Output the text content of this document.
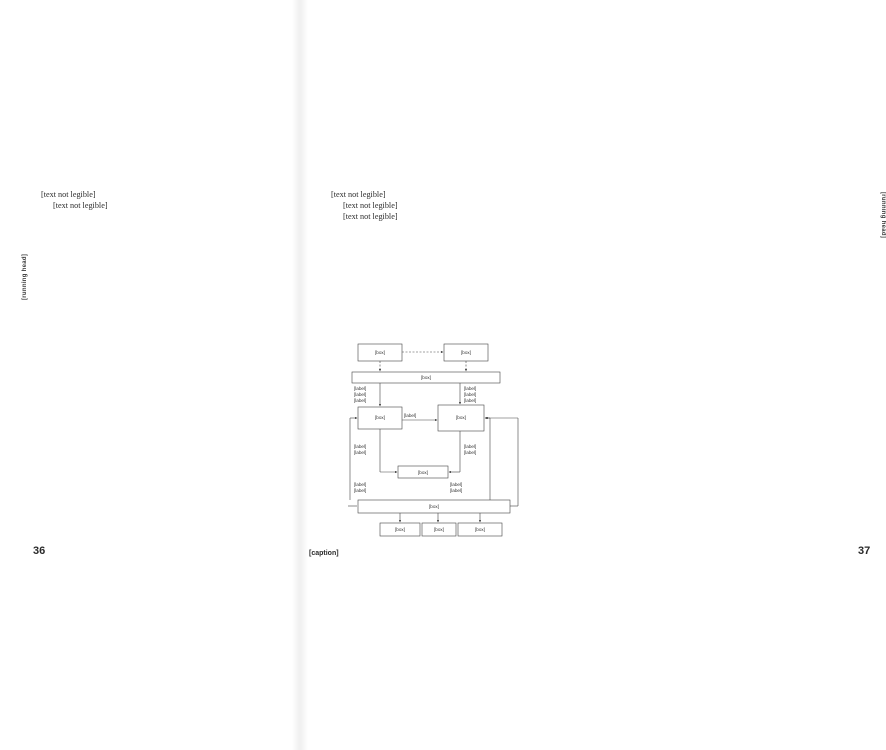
[running head]

[text not legible]

[text not legible]

36
[running head]
37

[text not legible]

[text not legible]

[text not legible]

[box]	[box]
[box]
[box]	[box]
[box]
[box]
[box]	[box]	[box]
[label]
[label]
[label]
[label]
[label]
[label]
[label]
[label]
[label]
[label]
[label]
[label]
[label]
[label]
[label]
[caption]
